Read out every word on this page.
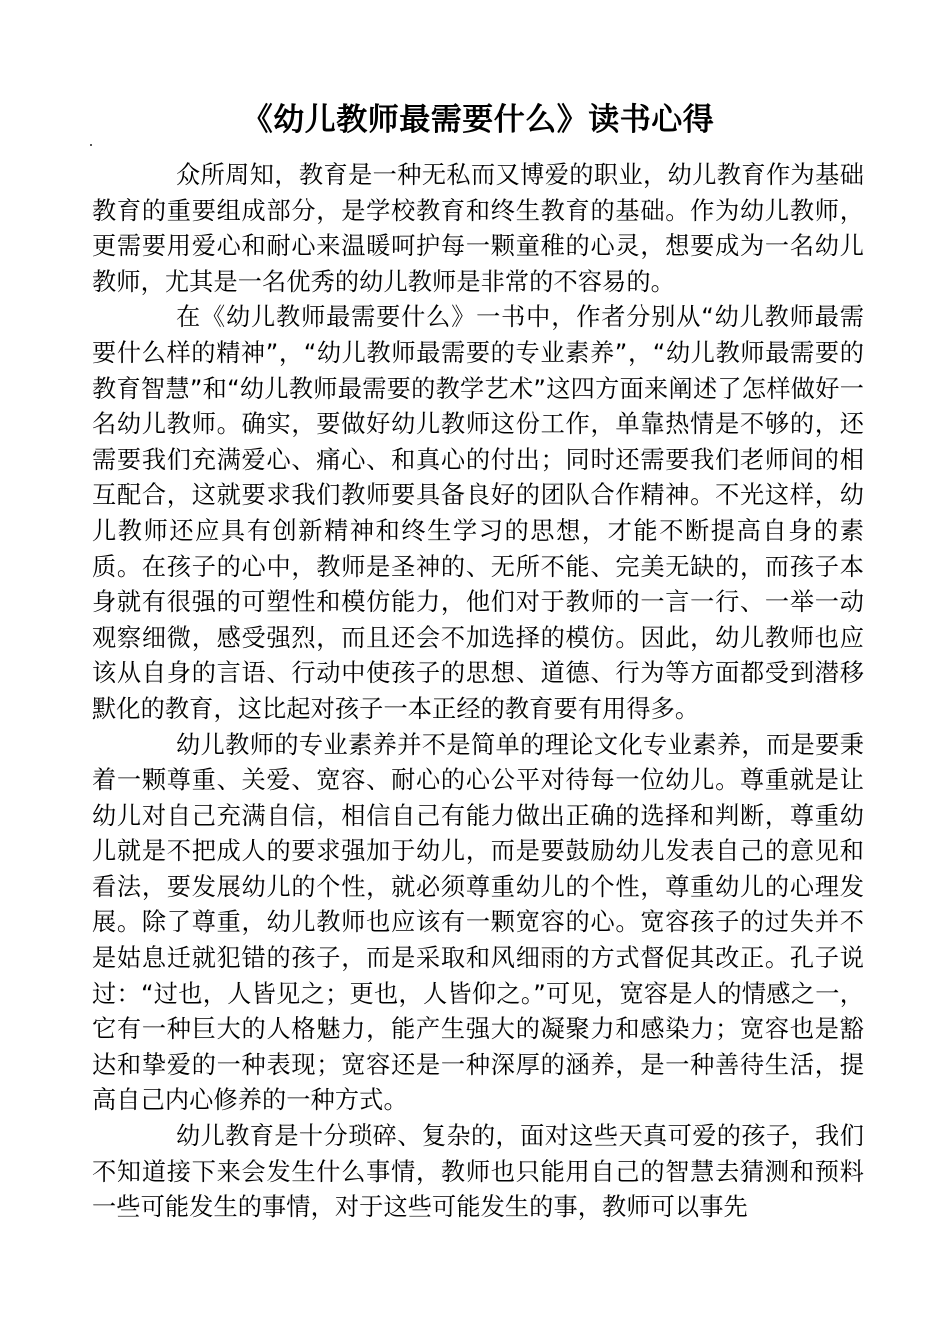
《幼儿教师最需要什么》读书心得

众所周知，教育是一种无私而又博爱的职业，幼儿教育作为基础教育的重要组成部分，是学校教育和终生教育的基础。作为幼儿教师，更需要用爱心和耐心来温暖呵护每一颗童稚的心灵，想要成为一名幼儿教师，尤其是一名优秀的幼儿教师是非常的不容易的。

在《幼儿教师最需要什么》一书中，作者分别从“幼儿教师最需要什么样的精神”，“幼儿教师最需要的专业素养”，“幼儿教师最需要的教育智慧”和“幼儿教师最需要的教学艺术”这四方面来阐述了怎样做好一名幼儿教师。确实，要做好幼儿教师这份工作，单靠热情是不够的，还需要我们充满爱心、痛心、和真心的付出；同时还需要我们老师间的相互配合，这就要求我们教师要具备良好的团队合作精神。不光这样，幼儿教师还应具有创新精神和终生学习的思想，才能不断提高自身的素质。在孩子的心中，教师是圣神的、无所不能、完美无缺的，而孩子本身就有很强的可塑性和模仿能力，他们对于教师的一言一行、一举一动观察细微，感受强烈，而且还会不加选择的模仿。因此，幼儿教师也应该从自身的言语、行动中使孩子的思想、道德、行为等方面都受到潜移默化的教育，这比起对孩子一本正经的教育要有用得多。

幼儿教师的专业素养并不是简单的理论文化专业素养，而是要秉着一颗尊重、关爱、宽容、耐心的心公平对待每一位幼儿。尊重就是让幼儿对自己充满自信，相信自己有能力做出正确的选择和判断，尊重幼儿就是不把成人的要求强加于幼儿，而是要鼓励幼儿发表自己的意见和看法，要发展幼儿的个性，就必须尊重幼儿的个性，尊重幼儿的心理发展。除了尊重，幼儿教师也应该有一颗宽容的心。宽容孩子的过失并不是姑息迁就犯错的孩子，而是采取和风细雨的方式督促其改正。孔子说过：“过也，人皆见之；更也，人皆仰之。”可见，宽容是人的情感之一，它有一种巨大的人格魅力，能产生强大的凝聚力和感染力；宽容也是豁达和挚爱的一种表现；宽容还是一种深厚的涵养，是一种善待生活，提高自己内心修养的一种方式。

幼儿教育是十分琐碎、复杂的，面对这些天真可爱的孩子，我们不知道接下来会发生什么事情，教师也只能用自己的智慧去猜测和预料一些可能发生的事情，对于这些可能发生的事，教师可以事先
